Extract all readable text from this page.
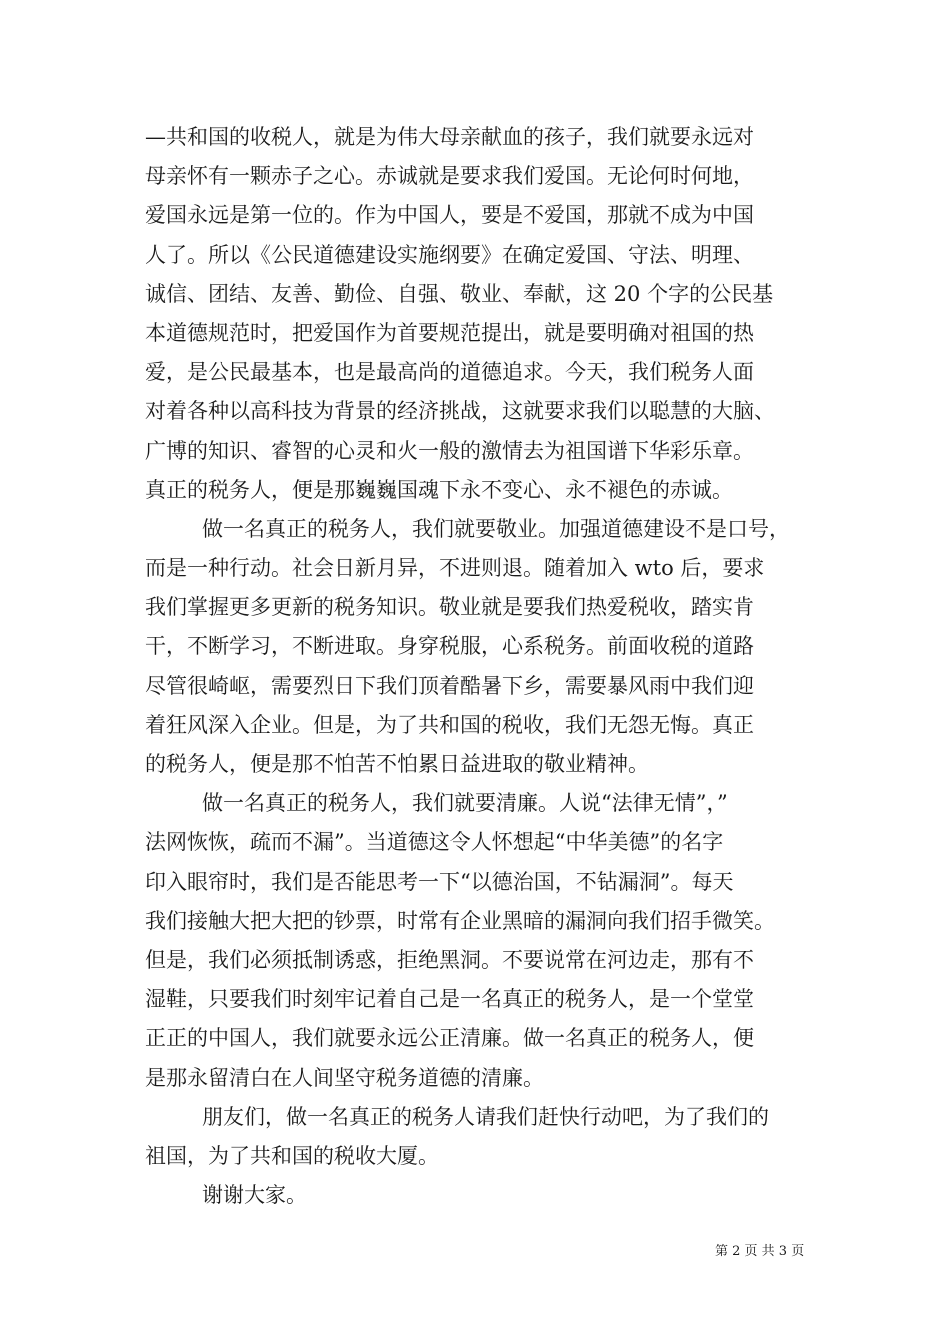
—共和国的收税人，就是为伟大母亲献血的孩子，我们就要永远对
母亲怀有一颗赤子之心。赤诚就是要求我们爱国。无论何时何地，
爱国永远是第一位的。作为中国人，要是不爱国，那就不成为中国
人了。所以《公民道德建设实施纲要》在确定爱国、守法、明理、
诚信、团结、友善、勤俭、自强、敬业、奉献，这 20 个字的公民基
本道德规范时，把爱国作为首要规范提出，就是要明确对祖国的热
爱，是公民最基本，也是最高尚的道德追求。今天，我们税务人面
对着各种以高科技为背景的经济挑战，这就要求我们以聪慧的大脑、
广博的知识、睿智的心灵和火一般的激情去为祖国谱下华彩乐章。
真正的税务人，便是那巍巍国魂下永不变心、永不褪色的赤诚。
做一名真正的税务人，我们就要敬业。加强道德建设不是口号，
而是一种行动。社会日新月异，不进则退。随着加入 wto 后，要求
我们掌握更多更新的税务知识。敬业就是要我们热爱税收，踏实肯
干，不断学习，不断进取。身穿税服，心系税务。前面收税的道路
尽管很崎岖，需要烈日下我们顶着酷暑下乡，需要暴风雨中我们迎
着狂风深入企业。但是，为了共和国的税收，我们无怨无悔。真正
的税务人，便是那不怕苦不怕累日益进取的敬业精神。
做一名真正的税务人，我们就要清廉。人说“法律无情”，”
法网恢恢，疏而不漏”。当道德这令人怀想起“中华美德”的名字
印入眼帘时，我们是否能思考一下“以德治国，不钻漏洞”。每天
我们接触大把大把的钞票，时常有企业黑暗的漏洞向我们招手微笑。
但是，我们必须抵制诱惑，拒绝黑洞。不要说常在河边走，那有不
湿鞋，只要我们时刻牢记着自己是一名真正的税务人，是一个堂堂
正正的中国人，我们就要永远公正清廉。做一名真正的税务人，便
是那永留清白在人间坚守税务道德的清廉。
朋友们，做一名真正的税务人请我们赶快行动吧，为了我们的
祖国，为了共和国的税收大厦。
谢谢大家。
第 2 页 共 3 页
